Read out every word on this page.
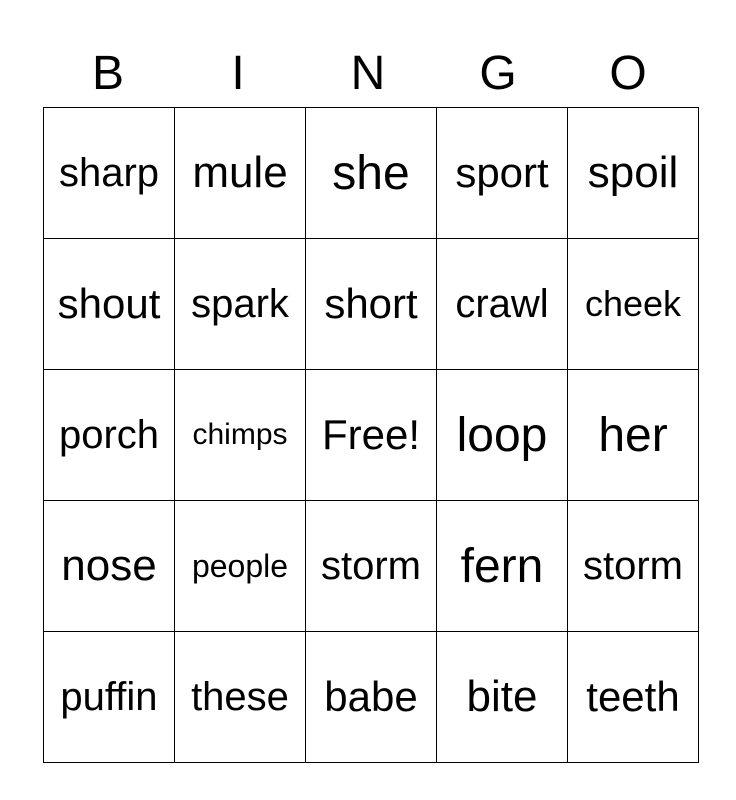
B	I	N	G	O
sharp	mule	she	sport	spoil
shout	spark	short	crawl	cheek
porch	chimps	Free!	loop	her
nose	people	storm	fern	storm
puffin	these	babe	bite	teeth
